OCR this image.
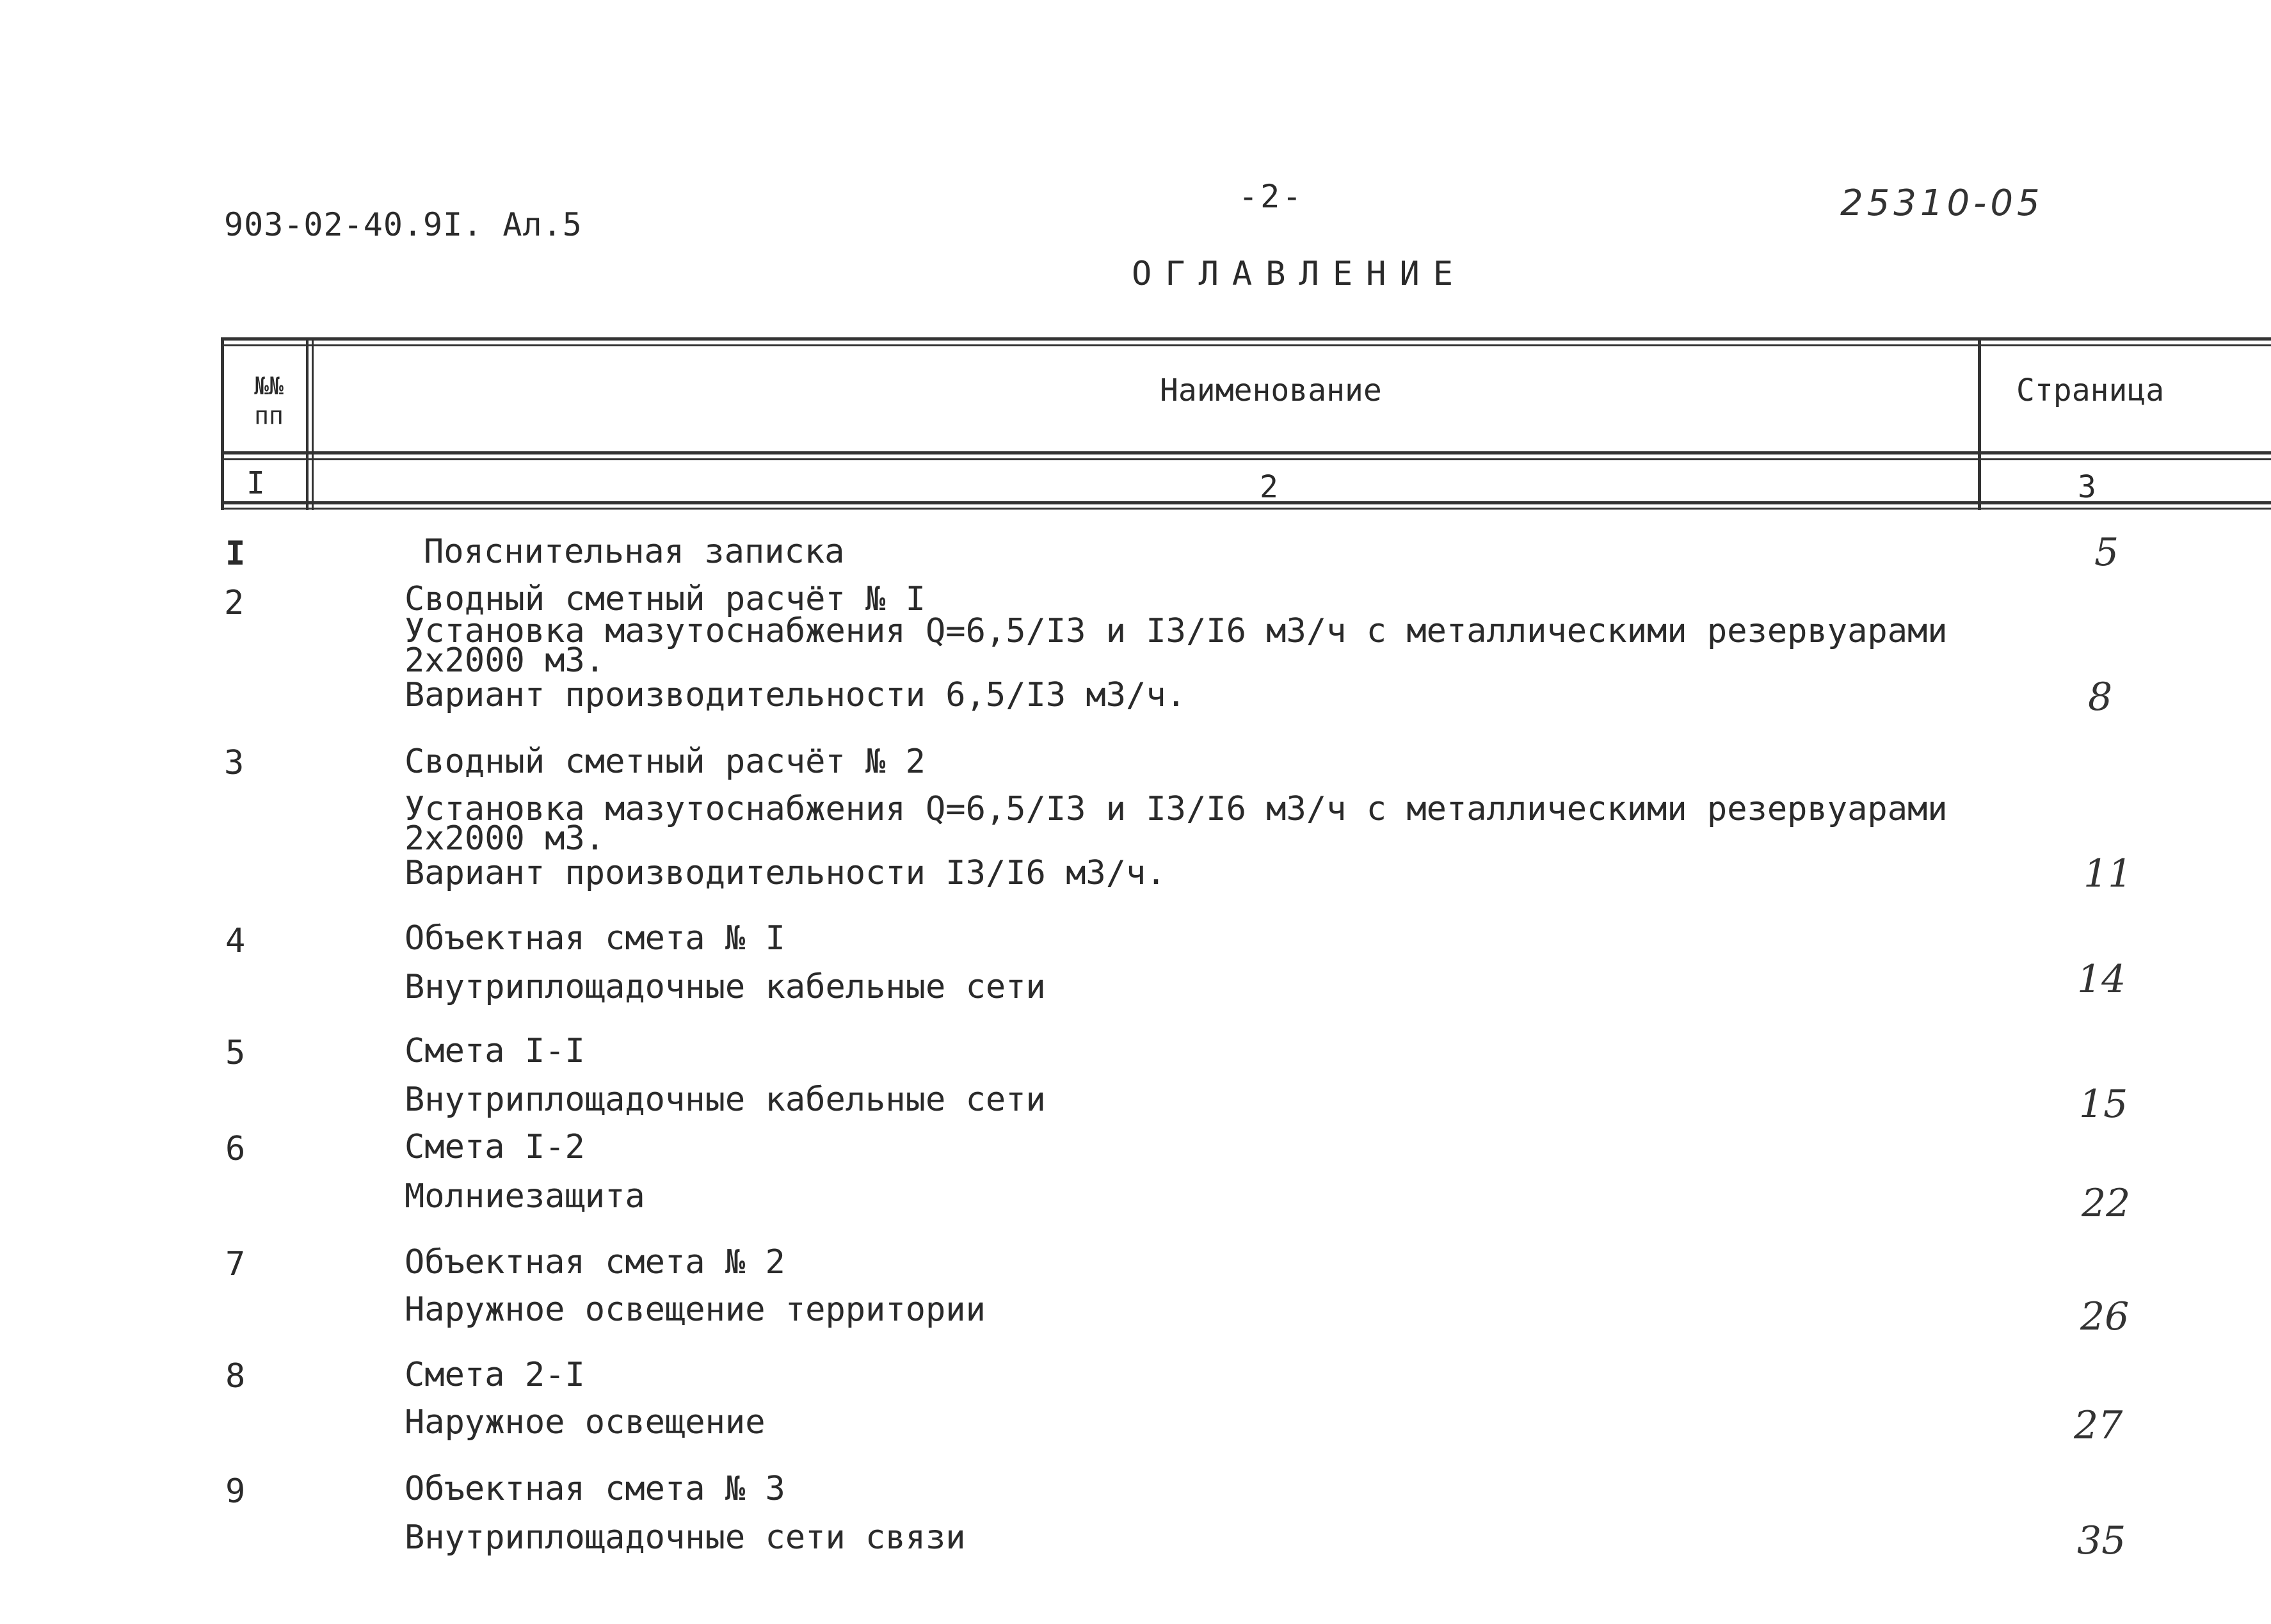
903-02-40.9I. Ал.5
-2-	25310-05
ОГЛАВЛЕНИЕ
№№
пп
Наименование	Страница
I	2	3
I	Пояснительная записка	5
2	Сводный сметный расчёт № I
Установка мазутоснабжения Q=6,5/I3 и I3/I6 мЗ/ч с металлическими резервуарами
2х2000 мЗ.
Вариант производительности 6,5/I3 мЗ/ч.	8
3	Сводный сметный расчёт № 2
Установка мазутоснабжения Q=6,5/I3 и I3/I6 мЗ/ч с металлическими резервуарами
2х2000 мЗ.
Вариант производительности I3/I6 мЗ/ч.	11
4	Объектная смета № I
Внутриплощадочные кабельные сети	14
5	Смета I-I
Внутриплощадочные кабельные сети	15
6	Смета I-2
Молниезащита	22
7	Объектная смета № 2
Наружное освещение территории	26
8	Смета 2-I
Наружное освещение	27
9	Объектная смета № 3
Внутриплощадочные сети связи	35
